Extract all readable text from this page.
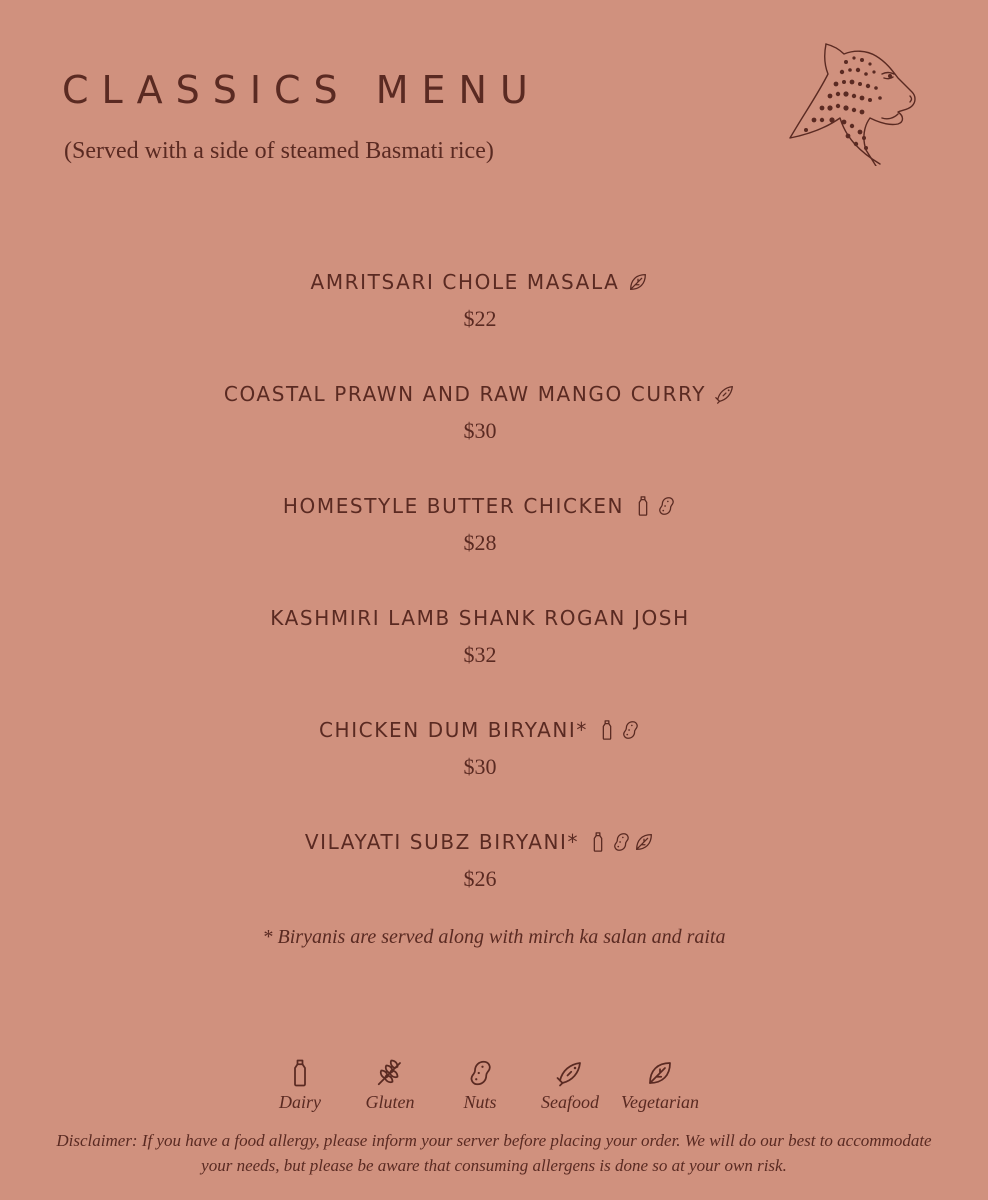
CLASSICS MENU

(Served with a side of steamed Basmati rice)

AMRITSARI CHOLE MASALA
$22
COASTAL PRAWN AND RAW MANGO CURRY
$30
HOMESTYLE BUTTER CHICKEN
$28
KASHMIRI LAMB SHANK ROGAN JOSH
$32
CHICKEN DUM BIRYANI*
$30
VILAYATI SUBZ BIRYANI*
$26
* Biryanis are served along with mirch ka salan and raita
Dairy Gluten	Nuts Seafood Vegetarian
Disclaimer: If you have a food allergy, please inform your server before placing your order. We will do our best to accommodate your needs, but please be aware that consuming allergens is done so at your own risk.
